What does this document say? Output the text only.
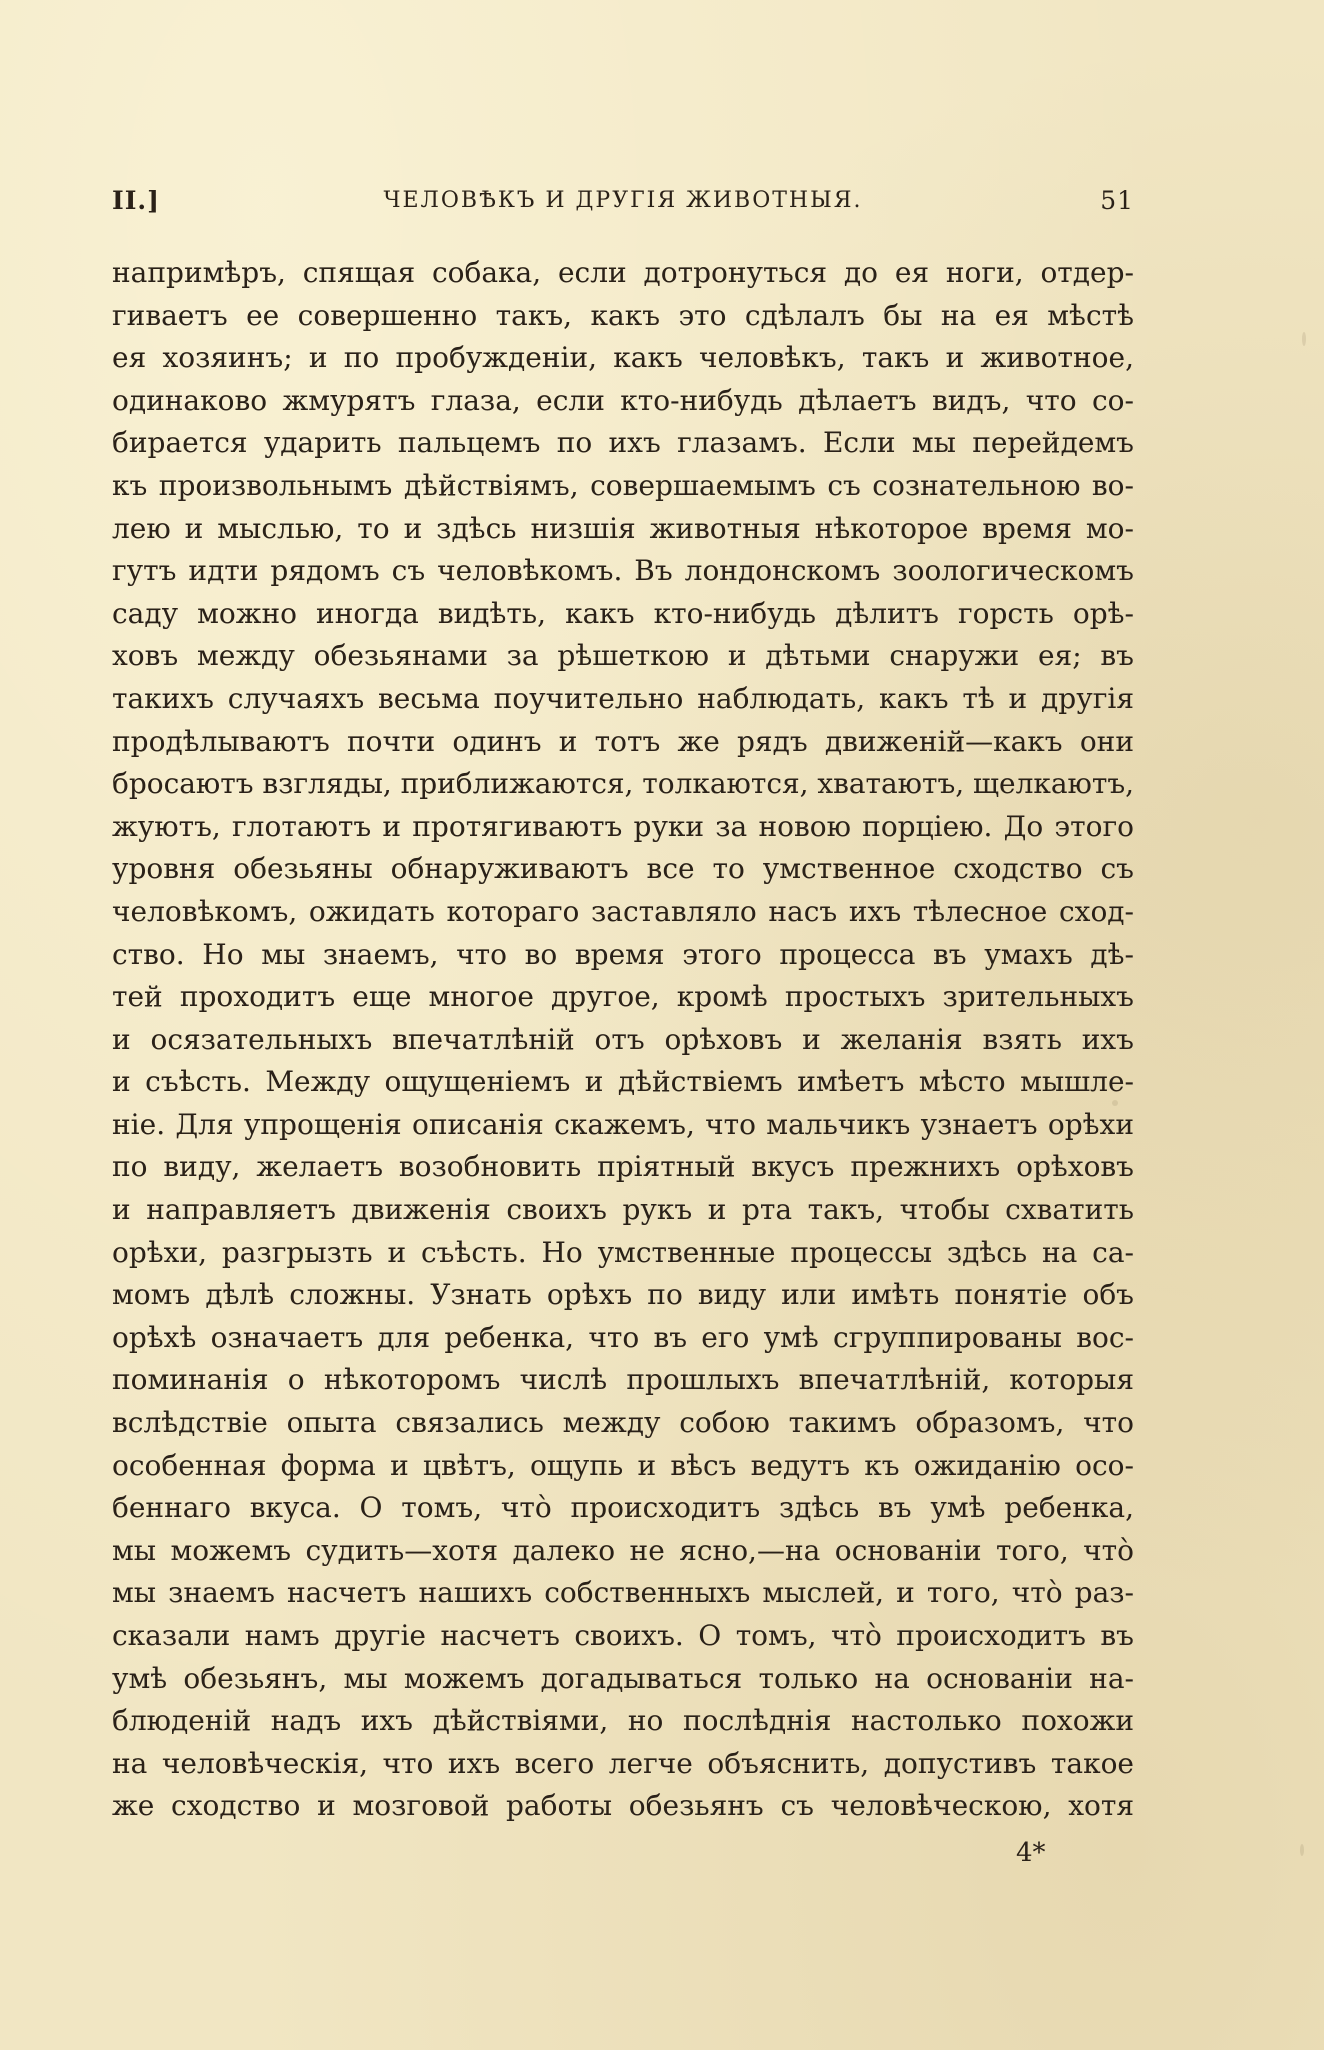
II.]	ЧЕЛОВѢКЪ И ДРУГІЯ ЖИВОТНЫЯ.	51
напримѣръ, спящая собака, если дотронуться до ея ноги, отдер-
гиваетъ ее совершенно такъ, какъ это сдѣлалъ бы на ея мѣстѣ
ея хозяинъ; и по пробужденіи, какъ человѣкъ, такъ и животное,
одинаково жмурятъ глаза, если кто-нибудь дѣлаетъ видъ, что со-
бирается ударить пальцемъ по ихъ глазамъ. Если мы перейдемъ
къ произвольнымъ дѣйствіямъ, совершаемымъ съ сознательною во-
лею и мыслью, то и здѣсь низшія животныя нѣкоторое время мо-
гутъ идти рядомъ съ человѣкомъ. Въ лондонскомъ зоологическомъ
саду можно иногда видѣть, какъ кто-нибудь дѣлитъ горсть орѣ-
ховъ между обезьянами за рѣшеткою и дѣтьми снаружи ея; въ
такихъ случаяхъ весьма поучительно наблюдать, какъ тѣ и другія
продѣлываютъ почти одинъ и тотъ же рядъ движеній—какъ они
бросаютъ взгляды, приближаются, толкаются, хватаютъ, щелкаютъ,
жуютъ, глотаютъ и протягиваютъ руки за новою порціею. До этого
уровня обезьяны обнаруживаютъ все то умственное сходство съ
человѣкомъ, ожидать котораго заставляло насъ ихъ тѣлесное сход-
ство. Но мы знаемъ, что во время этого процесса въ умахъ дѣ-
тей проходитъ еще многое другое, кромѣ простыхъ зрительныхъ
и осязательныхъ впечатлѣній отъ орѣховъ и желанія взять ихъ
и съѣсть. Между ощущеніемъ и дѣйствіемъ имѣетъ мѣсто мышле-
ніе. Для упрощенія описанія скажемъ, что мальчикъ узнаетъ орѣхи
по виду, желаетъ возобновить пріятный вкусъ прежнихъ орѣховъ
и направляетъ движенія своихъ рукъ и рта такъ, чтобы схватить
орѣхи, разгрызть и съѣсть. Но умственные процессы здѣсь на са-
момъ дѣлѣ сложны. Узнать орѣхъ по виду или имѣть понятіе объ
орѣхѣ означаетъ для ребенка, что въ его умѣ сгруппированы вос-
поминанія о нѣкоторомъ числѣ прошлыхъ впечатлѣній, которыя
вслѣдствіе опыта связались между собою такимъ образомъ, что
особенная форма и цвѣтъ, ощупь и вѣсъ ведутъ къ ожиданію осо-
беннаго вкуса. О томъ, что̀ происходитъ здѣсь въ умѣ ребенка,
мы можемъ судить—хотя далеко не ясно,—на основаніи того, что̀
мы знаемъ насчетъ нашихъ собственныхъ мыслей, и того, что̀ раз-
сказали намъ другіе насчетъ своихъ. О томъ, что̀ происходитъ въ
умѣ обезьянъ, мы можемъ догадываться только на основаніи на-
блюденій надъ ихъ дѣйствіями, но послѣднія настолько похожи
на человѣческія, что ихъ всего легче объяснить, допустивъ такое
же сходство и мозговой работы обезьянъ съ человѣческою, хотя
4*
